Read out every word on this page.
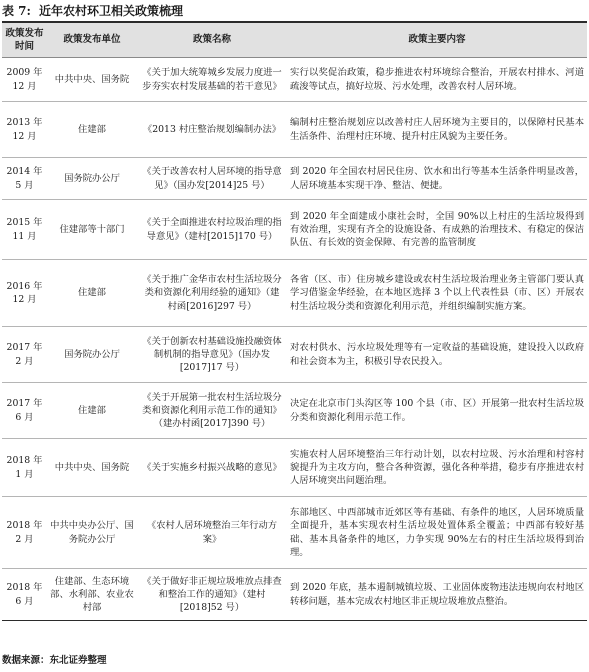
表 7: 近年农村环卫相关政策梳理
政策发布时间	政策发布单位	政策名称	政策主要内容
2009 年 12 月	中共中央、国务院	《关于加大统筹城乡发展力度进一步夯实农村发展基础的若干意见》	实行以奖促治政策，稳步推进农村环境综合整治，开展农村排水、河道疏浚等试点，搞好垃圾、污水处理，改善农村人居环境。
2013 年 12 月	住建部	《2013 村庄整治规划编制办法》	编制村庄整治规划应以改善村庄人居环境为主要目的，以保障村民基本生活条件、治理村庄环境、提升村庄风貌为主要任务。
2014 年 5 月	国务院办公厅	《关于改善农村人居环境的指导意见》（国办发[2014]25 号）	到 2020 年全国农村居民住房、饮水和出行等基本生活条件明显改善，人居环境基本实现干净、整洁、便捷。
2015 年 11 月	住建部等十部门	《关于全面推进农村垃圾治理的指导意见》（建村[2015]170 号）	到 2020 年全面建成小康社会时，全国 90%以上村庄的生活垃圾得到有效治理，实现有齐全的设施设备、有成熟的治理技术、有稳定的保洁队伍、有长效的资金保障、有完善的监管制度
2016 年 12 月	住建部	《关于推广金华市农村生活垃圾分类和资源化利用经验的通知》（建村函[2016]297 号）	各省（区、市）住房城乡建设或农村生活垃圾治理业务主管部门要认真学习借鉴金华经验，在本地区选择 3 个以上代表性县（市、区）开展农村生活垃圾分类和资源化利用示范，并组织编制实施方案。
2017 年 2 月	国务院办公厅	《关于创新农村基础设施投融资体制机制的指导意见》（国办发[2017]17 号）	对农村供水、污水垃圾处理等有一定收益的基础设施，建设投入以政府和社会资本为主，积极引导农民投入。
2017 年 6 月	住建部	《关于开展第一批农村生活垃圾分类和资源化利用示范工作的通知》（建办村函[2017]390 号）	决定在北京市门头沟区等 100 个县（市、区）开展第一批农村生活垃圾分类和资源化利用示范工作。
2018 年 1 月	中共中央、国务院	《关于实施乡村振兴战略的意见》	实施农村人居环境整治三年行动计划，以农村垃圾、污水治理和村容村貌提升为主攻方向，整合各种资源，强化各种举措，稳步有序推进农村人居环境突出问题治理。
2018 年 2 月	中共中央办公厅、国务院办公厅	《农村人居环境整治三年行动方案》	东部地区、中西部城市近郊区等有基础、有条件的地区，人居环境质量全面提升，基本实现农村生活垃圾处置体系全覆盖；中西部有较好基础、基本具备条件的地区，力争实现 90%左右的村庄生活垃圾得到治理。
2018 年 6 月	住建部、生态环境部、水利部、农业农村部	《关于做好非正规垃圾堆放点排查和整治工作的通知》（建村[2018]52 号）	到 2020 年底，基本遏制城镇垃圾、工业固体废物违法违规向农村地区转移问题，基本完成农村地区非正规垃圾堆放点整治。
数据来源：东北证券整理
